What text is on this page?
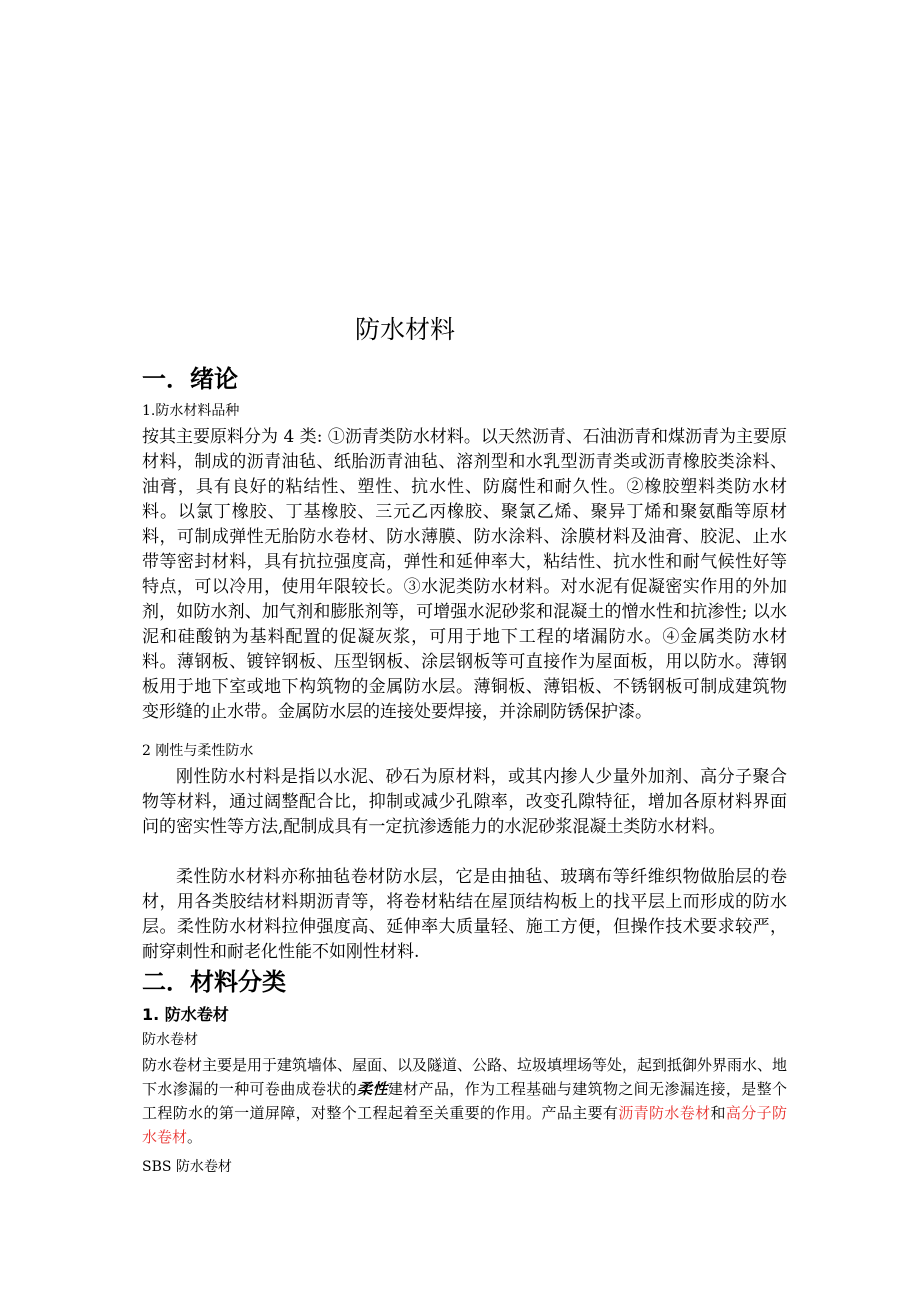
防水材料
一．绪论
1.防水材料品种

按其主要原料分为 4 类: ①沥青类防水材料。以天然沥青、石油沥青和煤沥青为主要原材料，制成的沥青油毡、纸胎沥青油毡、溶剂型和水乳型沥青类或沥青橡胶类涂料、油膏，具有良好的粘结性、塑性、抗水性、防腐性和耐久性。②橡胶塑料类防水材料。以氯丁橡胶、丁基橡胶、三元乙丙橡胶、聚氯乙烯、聚异丁烯和聚氨酯等原材料，可制成弹性无胎防水卷材、防水薄膜、防水涂料、涂膜材料及油膏、胶泥、止水带等密封材料，具有抗拉强度高，弹性和延伸率大，粘结性、抗水性和耐气候性好等特点，可以冷用，使用年限较长。③水泥类防水材料。对水泥有促凝密实作用的外加剂，如防水剂、加气剂和膨胀剂等，可增强水泥砂浆和混凝土的憎水性和抗渗性; 以水泥和硅酸钠为基料配置的促凝灰浆，可用于地下工程的堵漏防水。④金属类防水材料。薄钢板、镀锌钢板、压型钢板、涂层钢板等可直接作为屋面板，用以防水。薄钢板用于地下室或地下构筑物的金属防水层。薄铜板、薄铝板、不锈钢板可制成建筑物变形缝的止水带。金属防水层的连接处要焊接，并涂刷防锈保护漆。

2 刚性与柔性防水

刚性防水村料是指以水泥、砂石为原材料，或其内掺人少量外加剂、高分子聚合物等材料，通过阔整配合比，抑制或减少孔隙率，改变孔隙特征，增加各原材料界面问的密实性等方法,配制成具有一定抗渗透能力的水泥砂浆混凝土类防水材料。

柔性防水材料亦称抽毡卷材防水层，它是由抽毡、玻璃布等纤维织物做胎层的卷材，用各类胶结材料期沥青等，将卷材粘结在屋顶结构板上的找平层上而形成的防水层。柔性防水材料拉伸强度高、延伸率大质量轻、施工方便，但操作技术要求较严，耐穿刺性和耐老化性能不如刚性材料.

二．材料分类
1. 防水卷材
防水卷材

防水卷材主要是用于建筑墙体、屋面、以及隧道、公路、垃圾填埋场等处，起到抵御外界雨水、地下水渗漏的一种可卷曲成卷状的柔性建材产品，作为工程基础与建筑物之间无渗漏连接，是整个工程防水的第一道屏障，对整个工程起着至关重要的作用。产品主要有沥青防水卷材和高分子防水卷材。

SBS 防水卷材
